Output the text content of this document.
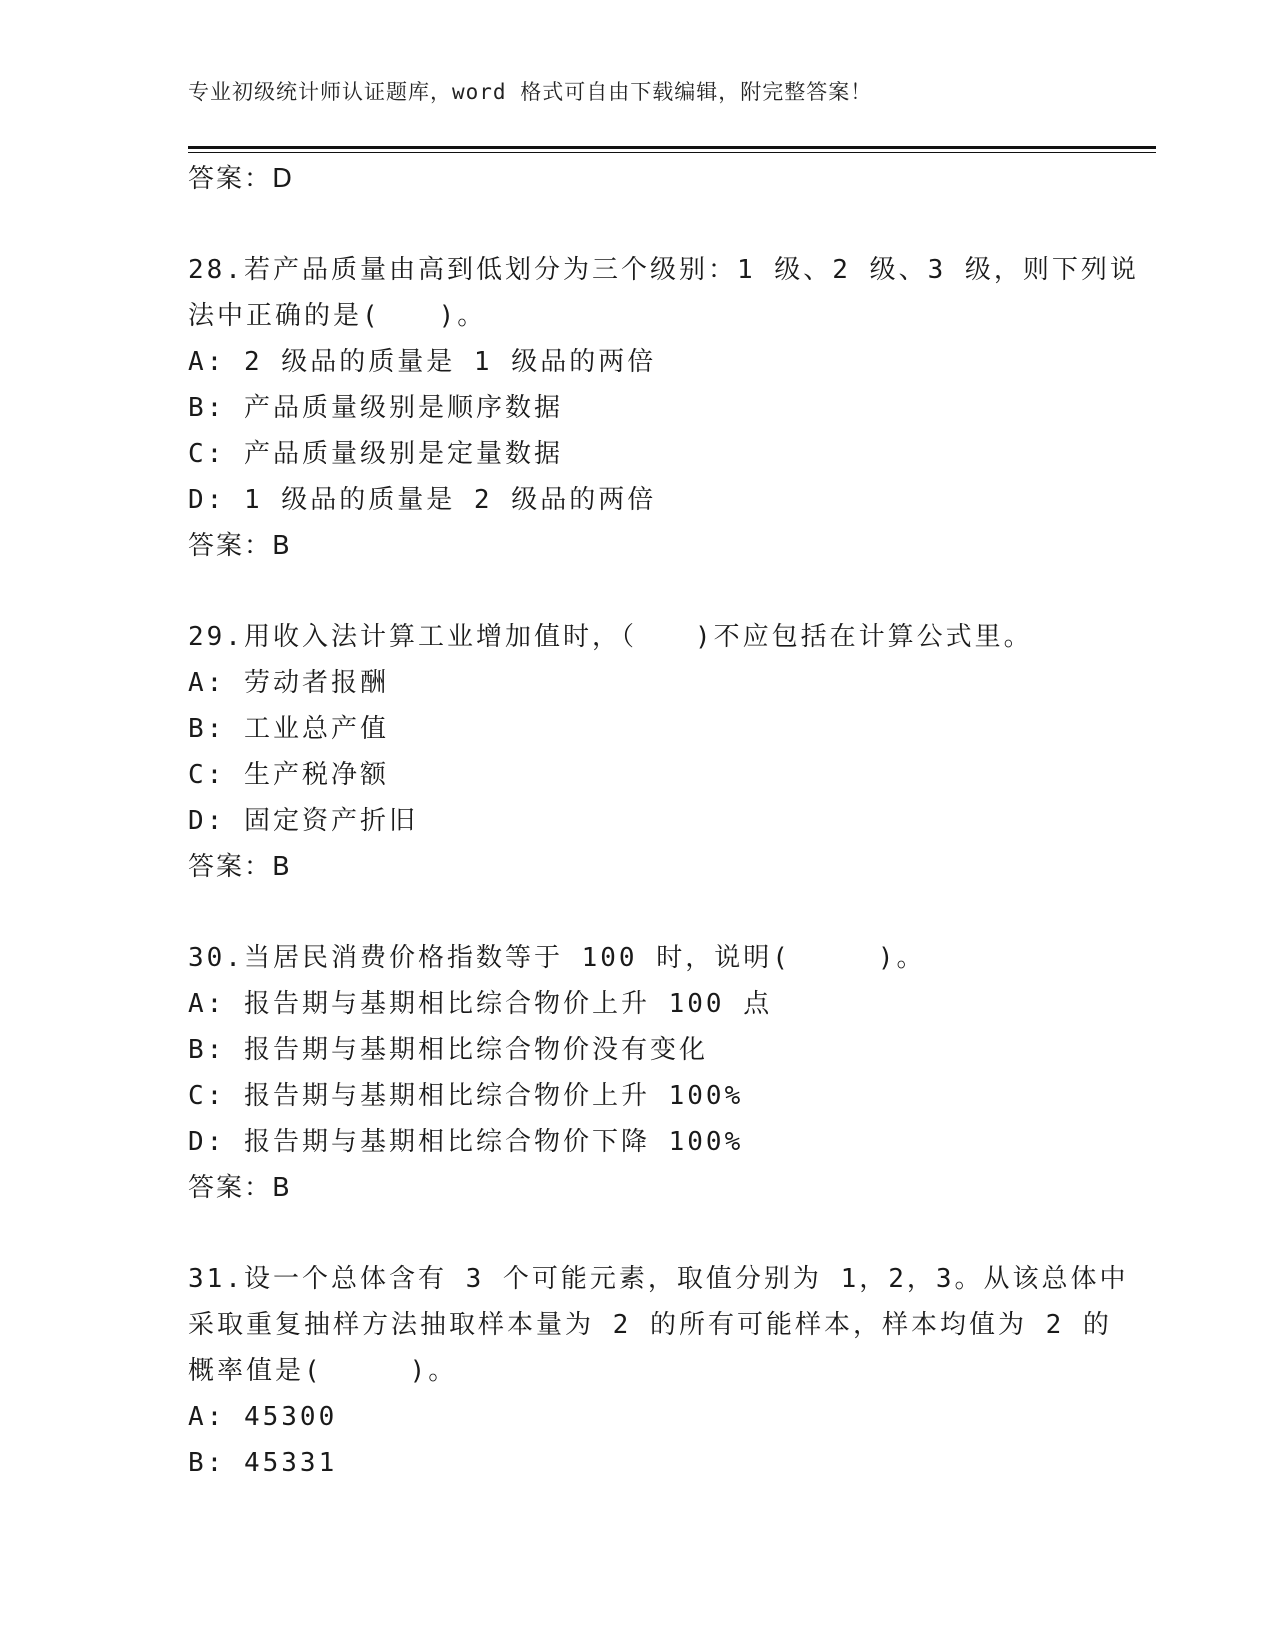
专业初级统计师认证题库，word 格式可自由下载编辑，附完整答案！
答案：D
28.若产品质量由高到低划分为三个级别：1 级、2 级、3 级，则下列说
法中正确的是(　　)。
A: 2 级品的质量是 1 级品的两倍
B: 产品质量级别是顺序数据
C: 产品质量级别是定量数据
D: 1 级品的质量是 2 级品的两倍
答案：B
29.用收入法计算工业增加值时，（　　)不应包括在计算公式里。
A: 劳动者报酬
B: 工业总产值
C: 生产税净额
D: 固定资产折旧
答案：B
30.当居民消费价格指数等于 100 时，说明(　　　)。
A: 报告期与基期相比综合物价上升 100 点
B: 报告期与基期相比综合物价没有变化
C: 报告期与基期相比综合物价上升 100%
D: 报告期与基期相比综合物价下降 100%
答案：B
31.设一个总体含有 3 个可能元素，取值分别为 1，2，3。从该总体中
采取重复抽样方法抽取样本量为 2 的所有可能样本，样本均值为 2 的
概率值是(　　　)。
A: 45300
B: 45331
